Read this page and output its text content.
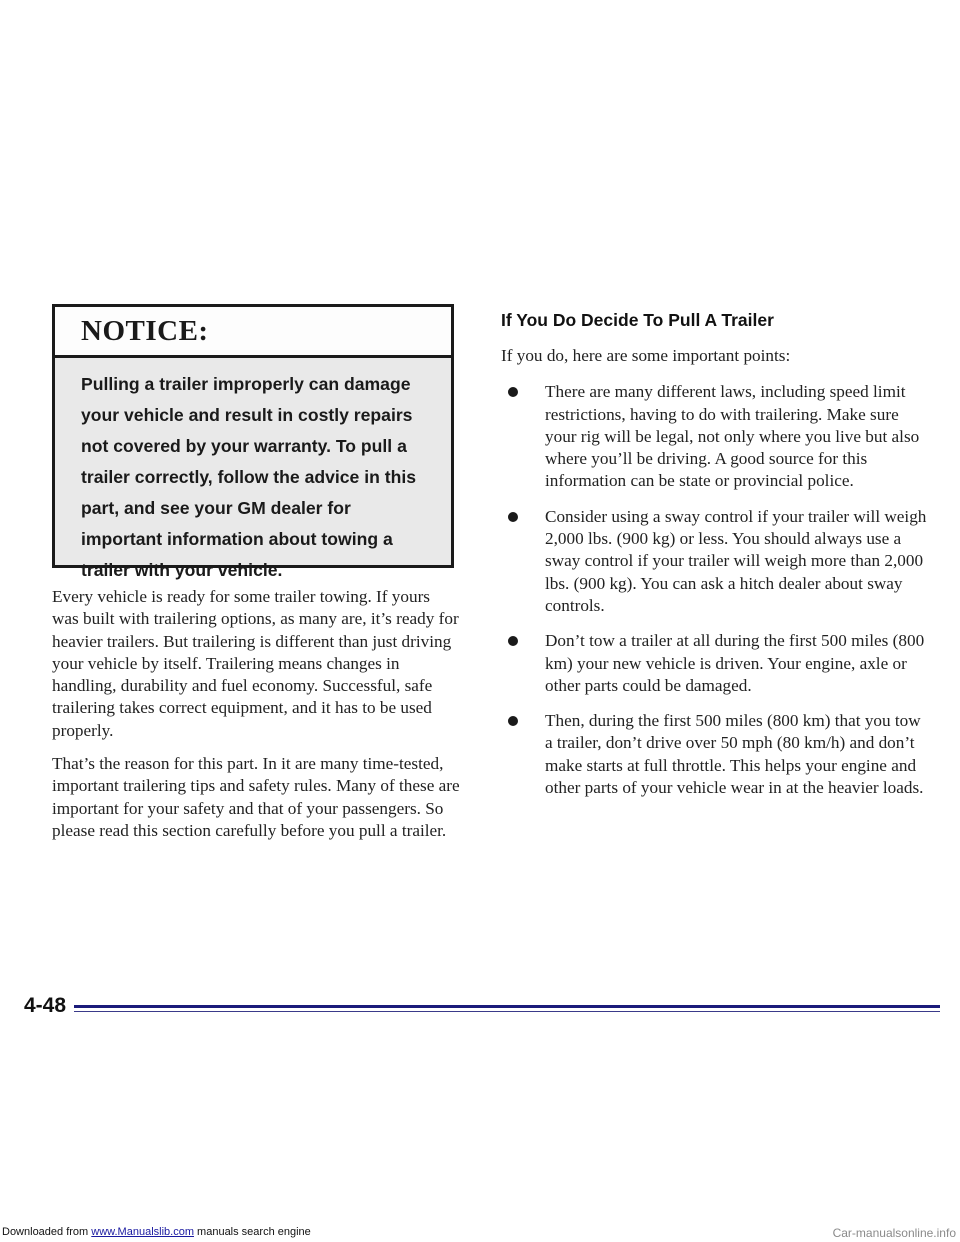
NOTICE:
Pulling a trailer improperly can damage your vehicle and result in costly repairs not covered by your warranty. To pull a trailer correctly, follow the advice in this part, and see your GM dealer for important information about towing a trailer with your vehicle.

Every vehicle is ready for some trailer towing. If yours was built with trailering options, as many are, it’s ready for heavier trailers. But trailering is different than just driving your vehicle by itself. Trailering means changes in handling, durability and fuel economy. Successful, safe trailering takes correct equipment, and it has to be used properly.

That’s the reason for this part. In it are many time-tested, important trailering tips and safety rules. Many of these are important for your safety and that of your passengers. So please read this section carefully before you pull a trailer.

If You Do Decide To Pull A Trailer

If you do, here are some important points:

There are many different laws, including speed limit restrictions, having to do with trailering. Make sure your rig will be legal, not only where you live but also where you’ll be driving. A good source for this information can be state or provincial police.
Consider using a sway control if your trailer will weigh 2,000 lbs. (900 kg) or less. You should always use a sway control if your trailer will weigh more than 2,000 lbs. (900 kg). You can ask a hitch dealer about sway controls.
Don’t tow a trailer at all during the first 500 miles (800 km) your new vehicle is driven. Your engine, axle or other parts could be damaged.
Then, during the first 500 miles (800 km) that you tow a trailer, don’t drive over 50 mph (80 km/h) and don’t make starts at full throttle. This helps your engine and other parts of your vehicle wear in at the heavier loads.
4-48
Downloaded from www.Manualslib.com manuals search engine	Car-manualsonline.info
